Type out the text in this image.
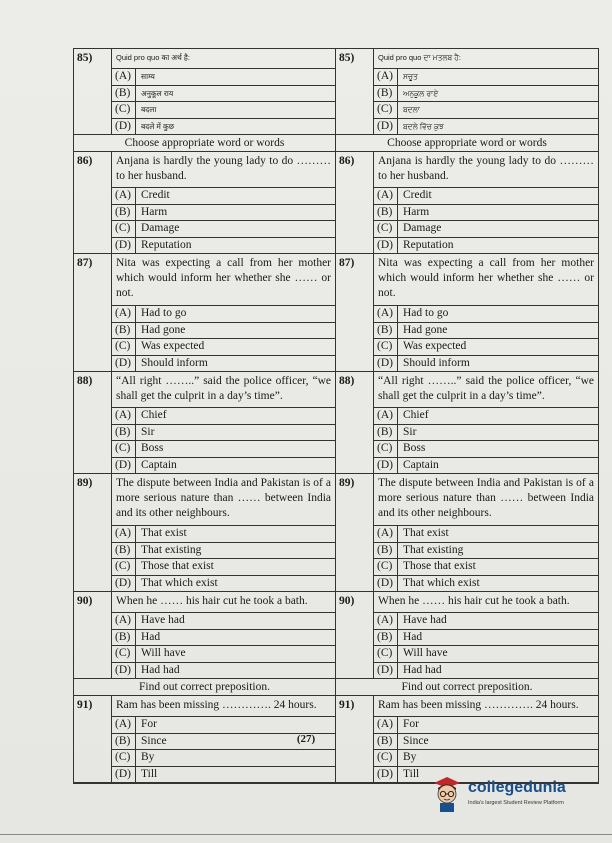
85)	Quid pro quo का अर्थ है:
(A)	साम्य
(B)	अनुकूल राय
(C)	बदला
(D)	बदले में कुछ
Choose appropriate word or words
86)	Anjana is hardly the young lady to do ……… to her husband.
(A) Credit
(B) Harm
(C) Damage
(D) Reputation
87)	Nita was expecting a call from her mother which would inform her whether she …… or not.
(A) Had to go
(B) Had gone
(C) Was expected
(D) Should inform
88)	“All right ……..” said the police officer, “we shall get the culprit in a day’s time”.
(A) Chief
(B) Sir
(C) Boss
(D) Captain
89)	The dispute between India and Pakistan is of a more serious nature than …… between India and its other neighbours.
(A) That exist
(B) That existing
(C) Those that exist
(D) That which exist
90)	When he …… his hair cut he took a bath.
(A) Have had
(B) Had
(C) Will have
(D) Had had
Find out correct preposition.
91)	Ram has been missing …………. 24 hours.
(A) For
(B) Since
(C) By
(D) Till
85)	Quid pro quo ਦਾ ਮਤਲਬ ਹੈ:
(A)	ਸਚੂਤ
(B)	ਅਨੁਕੂਲ ਰਾਏ
(C)	ਬਦਲਾ
(D)	ਬਦਲੇ ਵਿੱਚ ਕੁਝ
Choose appropriate word or words
86)	Anjana is hardly the young lady to do ……… to her husband.
(A) Credit
(B) Harm
(C) Damage
(D) Reputation
87)	Nita was expecting a call from her mother which would inform her whether she …… or not.
(A) Had to go
(B) Had gone
(C) Was expected
(D) Should inform
88)	“All right ……..” said the police officer, “we shall get the culprit in a day’s time”.
(A) Chief
(B) Sir
(C) Boss
(D) Captain
89)	The dispute between India and Pakistan is of a more serious nature than …… between India and its other neighbours.
(A) That exist
(B) That existing
(C) Those that exist
(D) That which exist
90)	When he …… his hair cut he took a bath.
(A) Have had
(B) Had
(C) Will have
(D) Had had
Find out correct preposition.
91)	Ram has been missing …………. 24 hours.
(A) For
(B) Since
(C) By
(D) Till
(27)
collegedunia
India's largest Student Review Platform
